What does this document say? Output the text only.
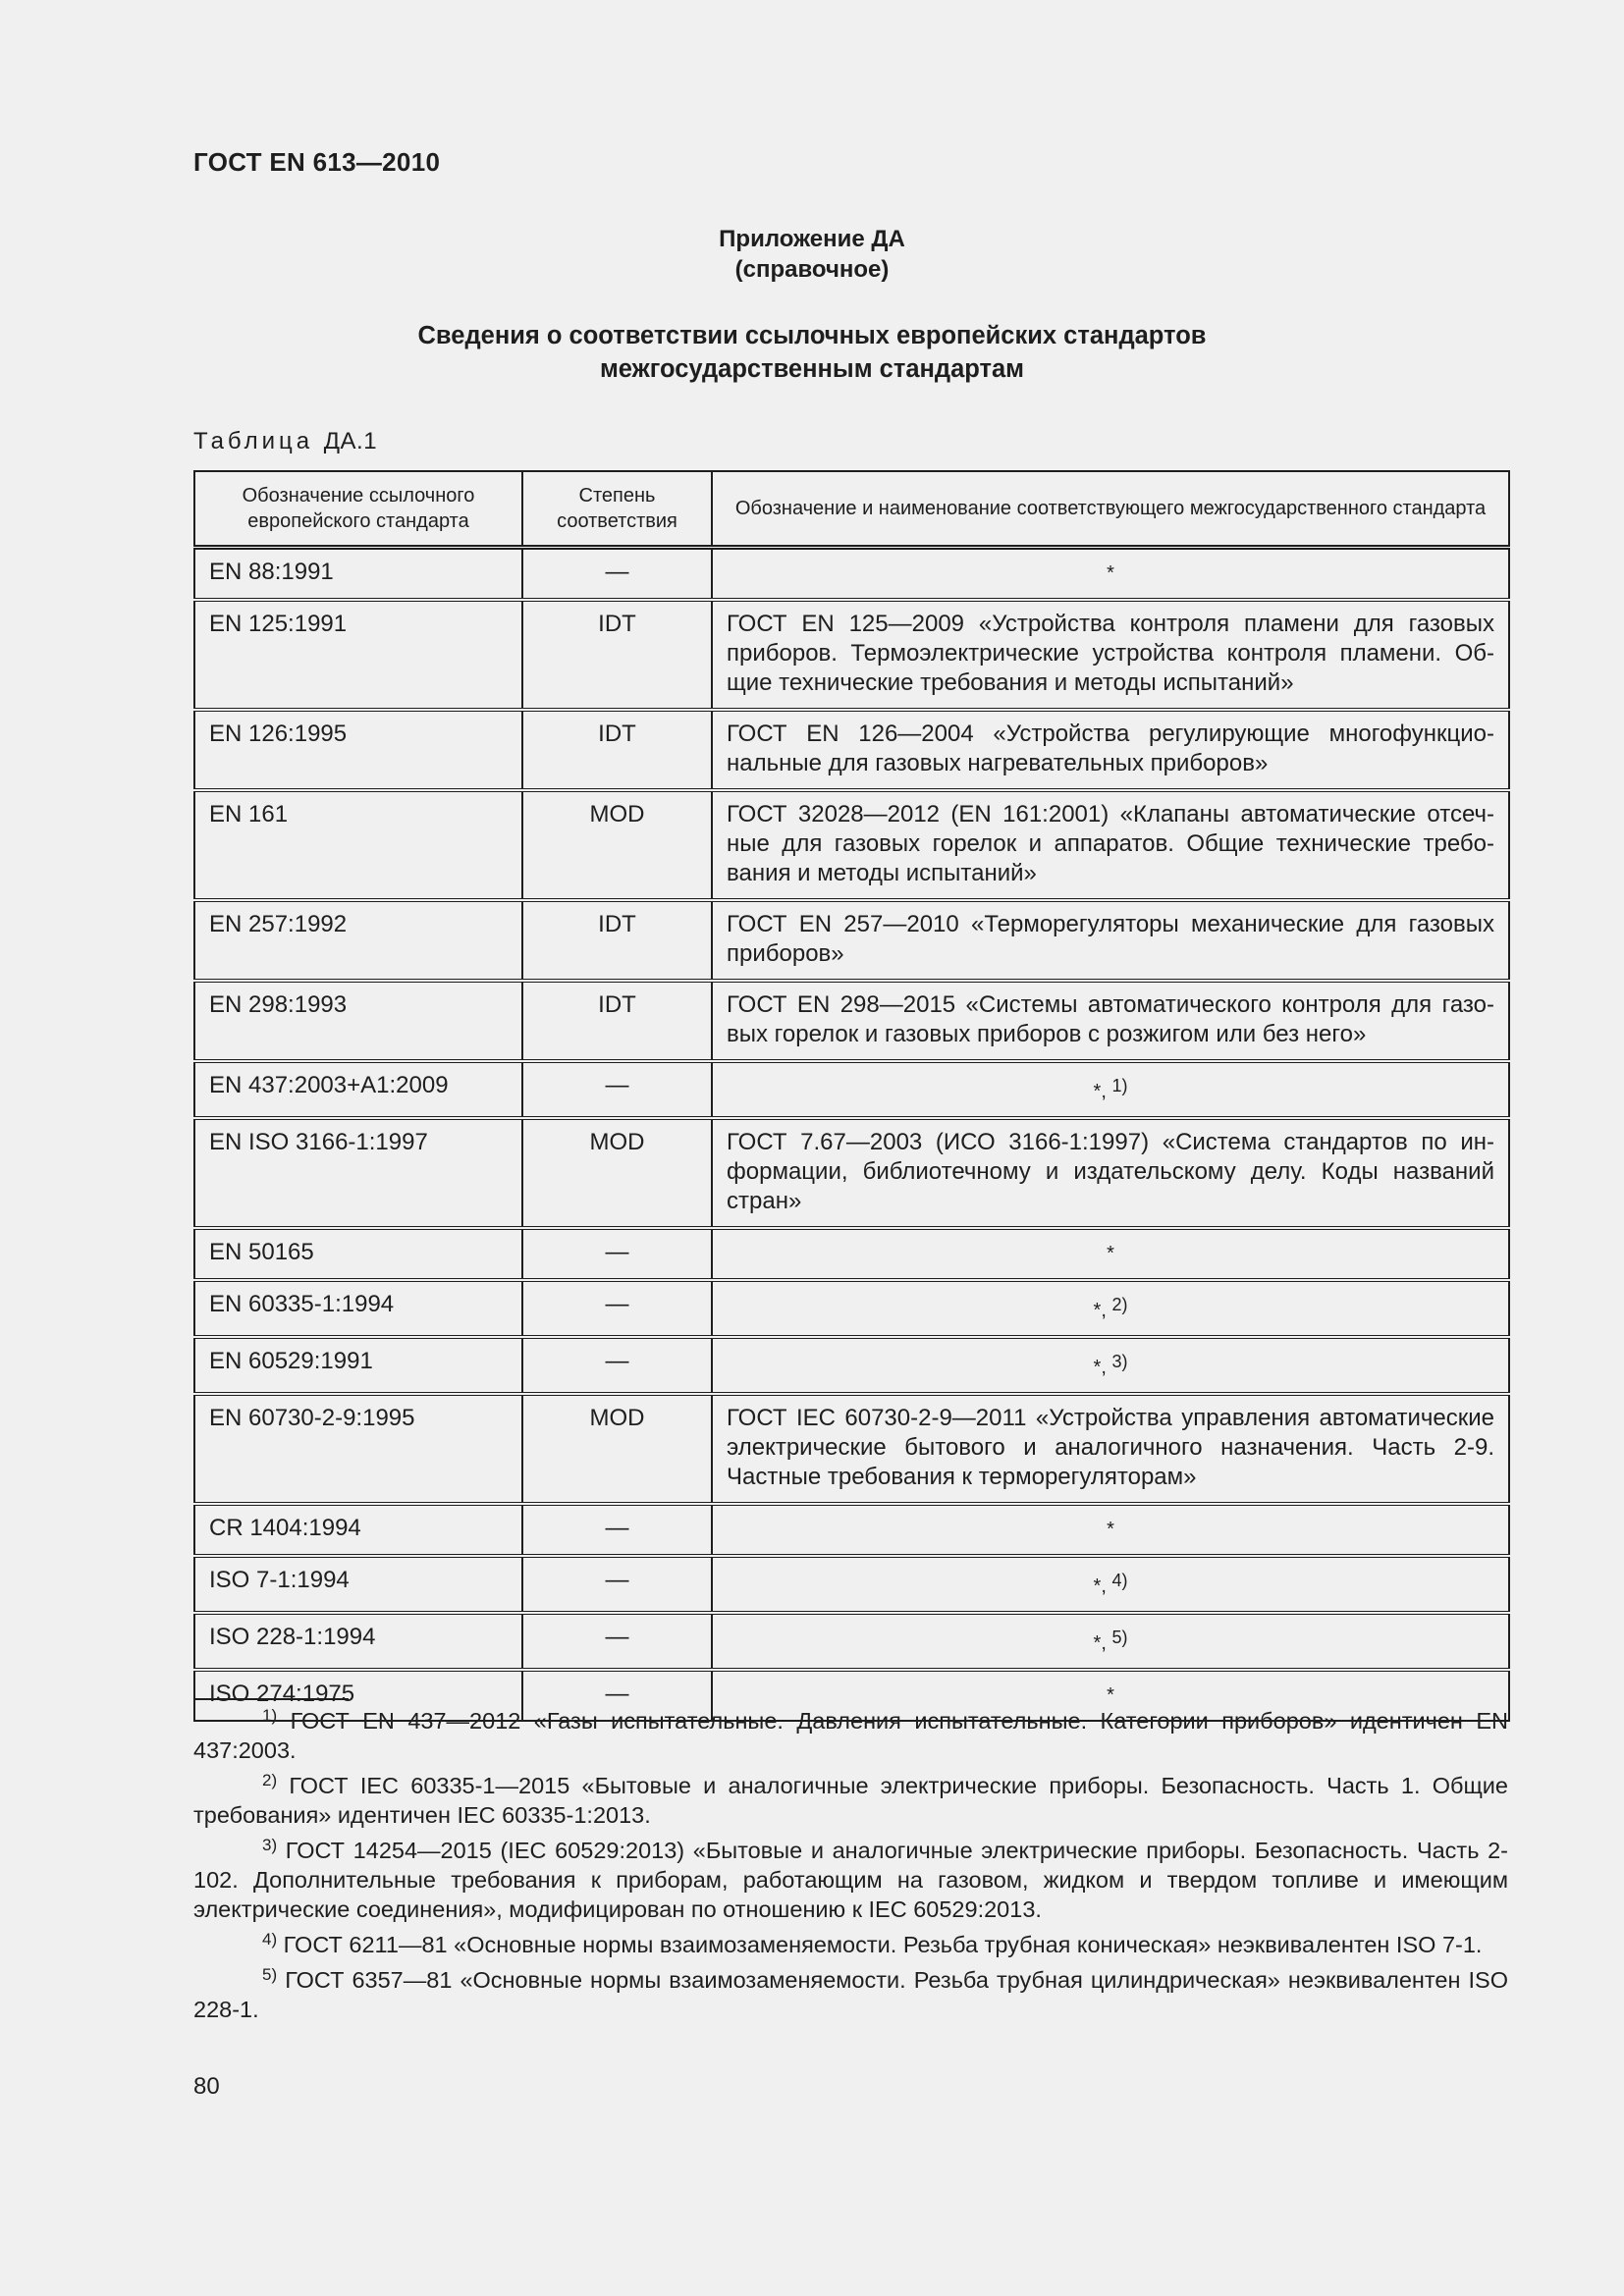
ГОСТ EN 613—2010
Приложение ДА
(справочное)
Сведения о соответствии ссылочных европейских стандартов
межгосударственным стандартам
Таблица ДА.1
Обозначение ссылочного европейского стандарта	Степень соответствия	Обозначение и наименование соответствующего межгосударственного стандарта
EN 88:1991	—	*
EN 125:1991	IDT	ГОСТ EN 125—2009 «Устройства контроля пламени для газовых приборов. Термоэлектрические устройства контроля пламени. Общие технические требования и методы испытаний»
EN 126:1995	IDT	ГОСТ EN 126—2004 «Устройства регулирующие многофункциональные для газовых нагревательных приборов»
EN 161	MOD	ГОСТ 32028—2012 (EN 161:2001) «Клапаны автоматические отсечные для газовых горелок и аппаратов. Общие технические требования и методы испытаний»
EN 257:1992	IDT	ГОСТ EN 257—2010 «Терморегуляторы механические для газовых приборов»
EN 298:1993	IDT	ГОСТ EN 298—2015 «Системы автоматического контроля для газовых горелок и газовых приборов с розжигом или без него»
EN 437:2003+A1:2009	—	*, $^{1)}$
EN ISO 3166-1:1997	MOD	ГОСТ 7.67—2003 (ИСО 3166-1:1997) «Система стандартов по информации, библиотечному и издательскому делу. Коды названий стран»
EN 50165	—	*
EN 60335-1:1994	—	*, $^{2)}$
EN 60529:1991	—	*, $^{3)}$
EN 60730-2-9:1995	MOD	ГОСТ IEC 60730-2-9—2011 «Устройства управления автоматические электрические бытового и аналогичного назначения. Часть 2-9. Частные требования к терморегуляторам»
CR 1404:1994	—	*
ISO 7-1:1994	—	*, $^{4)}$
ISO 228-1:1994	—	*, $^{5)}$
ISO 274:1975	—	*
$^{1)}$ ГОСТ EN 437—2012 «Газы испытательные. Давления испытательные. Категории приборов» идентичен EN 437:2003.
$^{2)}$ ГОСТ IEC 60335-1—2015 «Бытовые и аналогичные электрические приборы. Безопасность. Часть 1. Общие требования» идентичен IEC 60335-1:2013.
$^{3)}$ ГОСТ 14254—2015 (IEC 60529:2013) «Бытовые и аналогичные электрические приборы. Безопасность. Часть 2-102. Дополнительные требования к приборам, работающим на газовом, жидком и твердом топливе и имеющим электрические соединения», модифицирован по отношению к IEC 60529:2013.
$^{4)}$ ГОСТ 6211—81 «Основные нормы взаимозаменяемости. Резьба трубная коническая» неэквивалентен ISO 7-1.
$^{5)}$ ГОСТ 6357—81 «Основные нормы взаимозаменяемости. Резьба трубная цилиндрическая» неэквивалентен ISO 228-1.
80
